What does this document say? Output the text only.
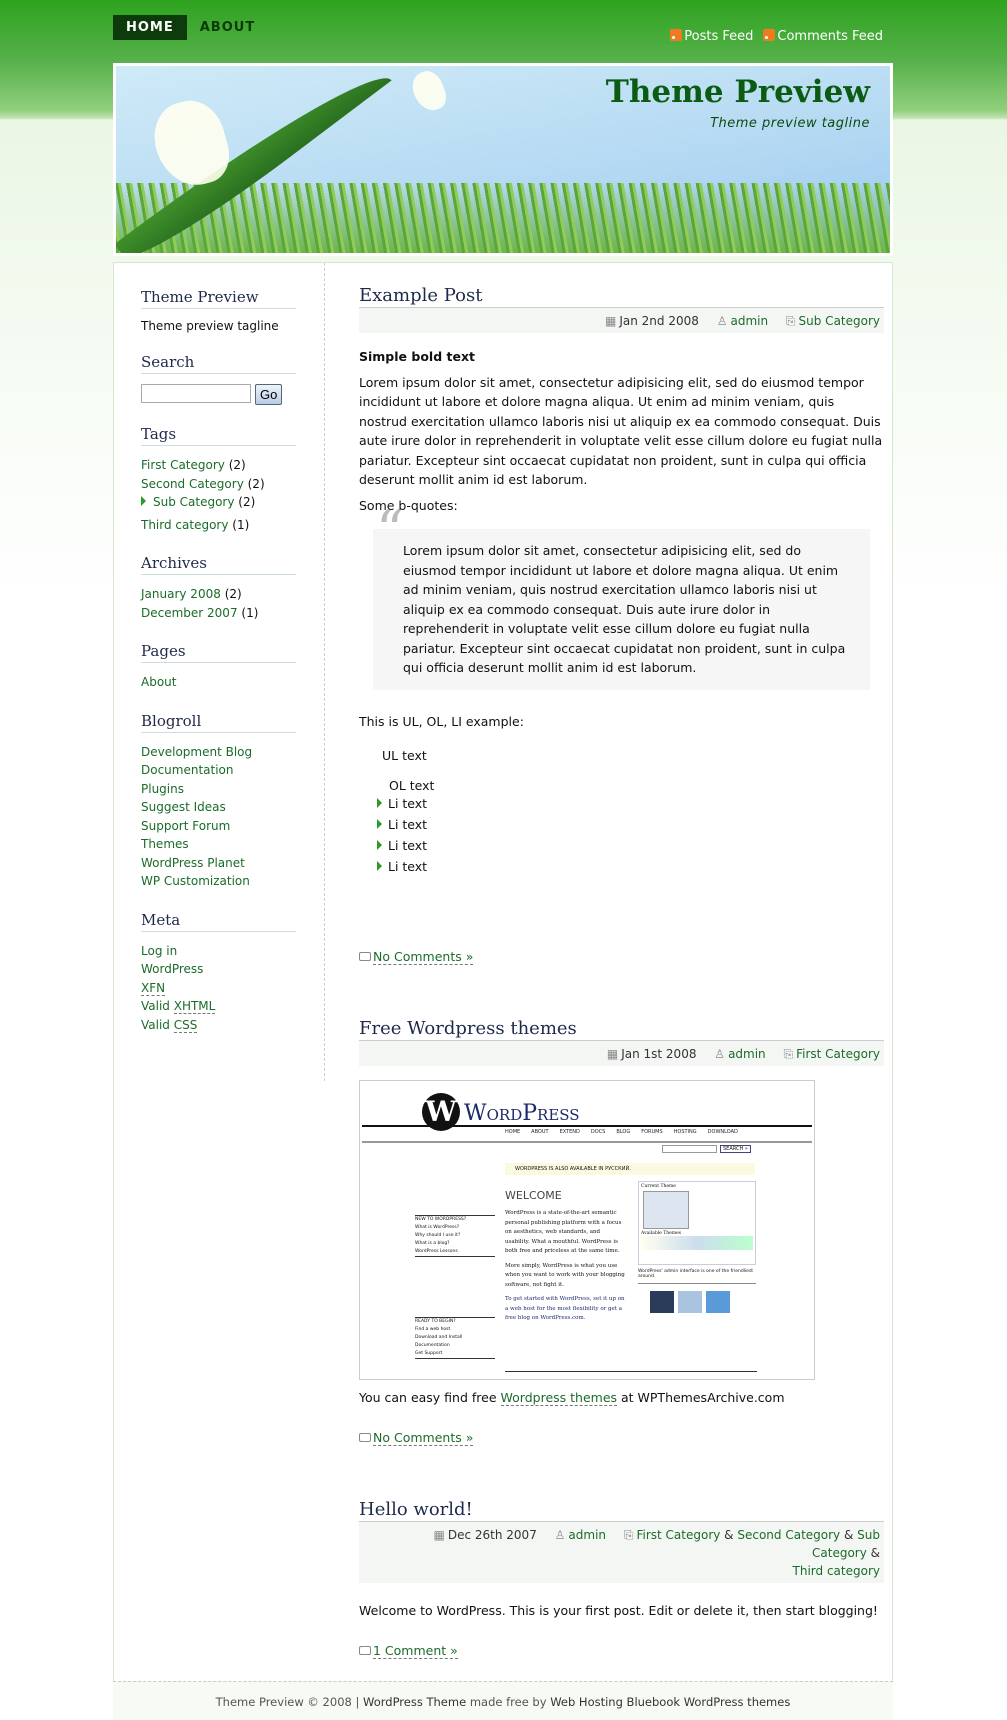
HOME	ABOUT
Posts Feed	Comments Feed
Theme Preview
Theme preview tagline
Theme Preview

Theme preview tagline

Search
Go
Tags
First Category (2)
Second Category (2)
Sub Category (2)
Third category (1)
Archives
January 2008 (2)
December 2007 (1)
Pages
About
Blogroll
Development Blog
Documentation
Plugins
Suggest Ideas
Support Forum
Themes
WordPress Planet
WP Customization
Meta
Log in
WordPress
XFN
Valid XHTML
Valid CSS
Example Post
▦ Jan 2nd 2008 ♙ admin ⎘ Sub Category

Simple bold text

Lorem ipsum dolor sit amet, consectetur adipisicing elit, sed do eiusmod tempor incididunt ut labore et dolore magna aliqua. Ut enim ad minim veniam, quis nostrud exercitation ullamco laboris nisi ut aliquip ex ea commodo consequat. Duis aute irure dolor in reprehenderit in voluptate velit esse cillum dolore eu fugiat nulla pariatur. Excepteur sint occaecat cupidatat non proident, sunt in culpa qui officia deserunt mollit anim id est laborum.

Some b-quotes:

“ Lorem ipsum dolor sit amet, consectetur adipisicing elit, sed do eiusmod tempor incididunt ut labore et dolore magna aliqua. Ut enim ad minim veniam, quis nostrud exercitation ullamco laboris nisi ut aliquip ex ea commodo consequat. Duis aute irure dolor in reprehenderit in voluptate velit esse cillum dolore eu fugiat nulla pariatur. Excepteur sint occaecat cupidatat non proident, sunt in culpa qui officia deserunt mollit anim id est laborum.

This is UL, OL, LI example:

UL text
OL text
Li text
Li text
Li text
Li text
No Comments »
Free Wordpress themes
▦ Jan 1st 2008 ♙ admin ⎘ First Category
W WordPress
HOME ABOUT EXTEND DOCS BLOG FORUMS HOSTING DOWNLOAD
SEARCH »
WORDPRESS IS ALSO AVAILABLE IN РУССКИЙ.
WELCOME

WordPress is a state-of-the-art semantic personal publishing platform with a focus on aesthetics, web standards, and usability. What a mouthful. WordPress is both free and priceless at the same time.

More simply, WordPress is what you use when you want to work with your blogging software, not fight it.

To get started with WordPress, set it up on a web host for the most flexibility or get a free blog on WordPress.com.

NEW TO WORDPRESS?
What is WordPress?
Why should I use it?
What is a blog?
WordPress Lessons
READY TO BEGIN?
Find a web host
Download and Install
Documentation
Get Support
Current Theme
Available Themes
WordPress' admin interface is one of the friendliest around.

You can easy find free Wordpress themes at WPThemesArchive.com

No Comments »
Hello world!
▦ Dec 26th 2007 ♙ admin ⎘ First Category & Second Category & Sub Category &
Third category

Welcome to WordPress. This is your first post. Edit or delete it, then start blogging!

1 Comment »
Theme Preview © 2008 | WordPress Theme made free by Web Hosting Bluebook WordPress themes
